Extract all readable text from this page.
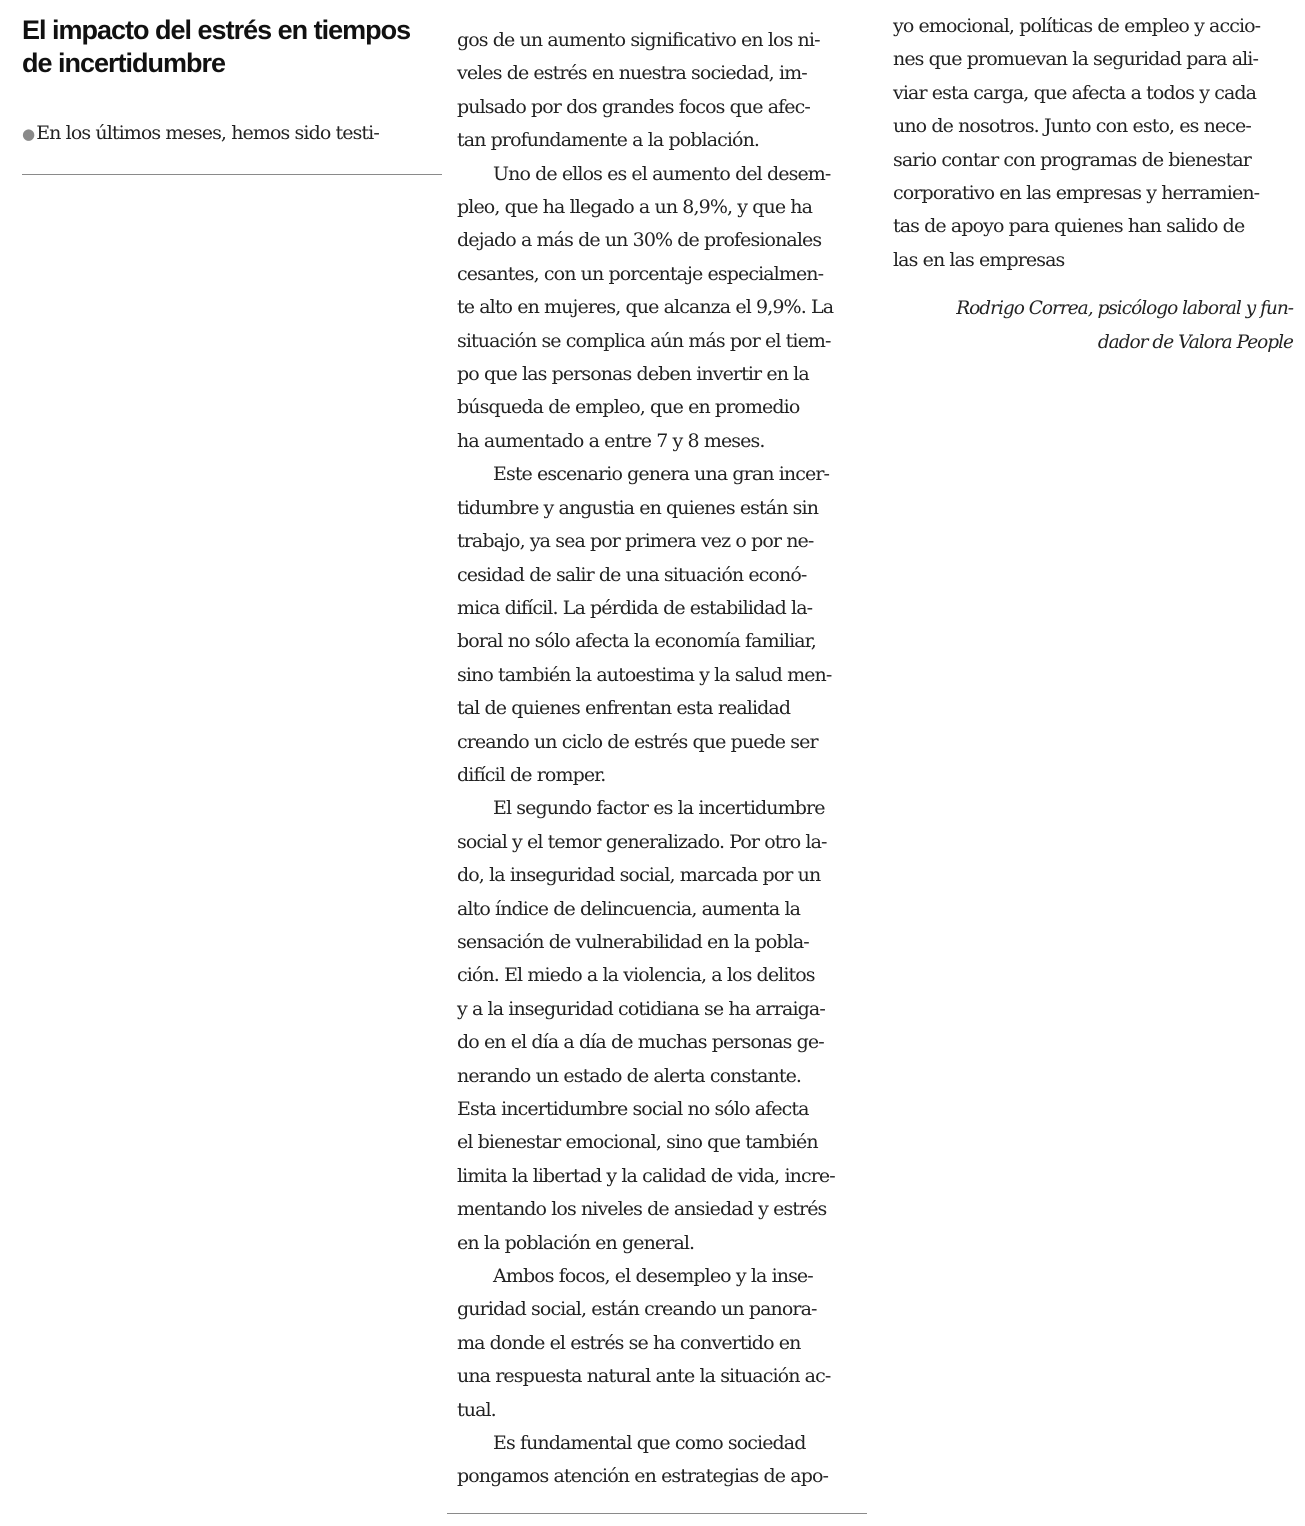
El impacto del estrés en tiempos de incertidumbre
● En los últimos meses, hemos sido testi-
gos de un aumento significativo en los ni-
veles de estrés en nuestra sociedad, im-
pulsado por dos grandes focos que afec-
tan profundamente a la población.
Uno de ellos es el aumento del desem-
pleo, que ha llegado a un 8,9%, y que ha
dejado a más de un 30% de profesionales
cesantes, con un porcentaje especialmen-
te alto en mujeres, que alcanza el 9,9%. La
situación se complica aún más por el tiem-
po que las personas deben invertir en la
búsqueda de empleo, que en promedio
ha aumentado a entre 7 y 8 meses.
Este escenario genera una gran incer-
tidumbre y angustia en quienes están sin
trabajo, ya sea por primera vez o por ne-
cesidad de salir de una situación econó-
mica difícil. La pérdida de estabilidad la-
boral no sólo afecta la economía familiar,
sino también la autoestima y la salud men-
tal de quienes enfrentan esta realidad
creando un ciclo de estrés que puede ser
difícil de romper.
El segundo factor es la incertidumbre
social y el temor generalizado. Por otro la-
do, la inseguridad social, marcada por un
alto índice de delincuencia, aumenta la
sensación de vulnerabilidad en la pobla-
ción. El miedo a la violencia, a los delitos
y a la inseguridad cotidiana se ha arraiga-
do en el día a día de muchas personas ge-
nerando un estado de alerta constante.
Esta incertidumbre social no sólo afecta
el bienestar emocional, sino que también
limita la libertad y la calidad de vida, incre-
mentando los niveles de ansiedad y estrés
en la población en general.
Ambos focos, el desempleo y la inse-
guridad social, están creando un panora-
ma donde el estrés se ha convertido en
una respuesta natural ante la situación ac-
tual.
Es fundamental que como sociedad
pongamos atención en estrategias de apo-
yo emocional, políticas de empleo y accio-
nes que promuevan la seguridad para ali-
viar esta carga, que afecta a todos y cada
uno de nosotros. Junto con esto, es nece-
sario contar con programas de bienestar
corporativo en las empresas y herramien-
tas de apoyo para quienes han salido de
las en las empresas
Rodrigo Correa, psicólogo laboral y fun-
dador de Valora People
